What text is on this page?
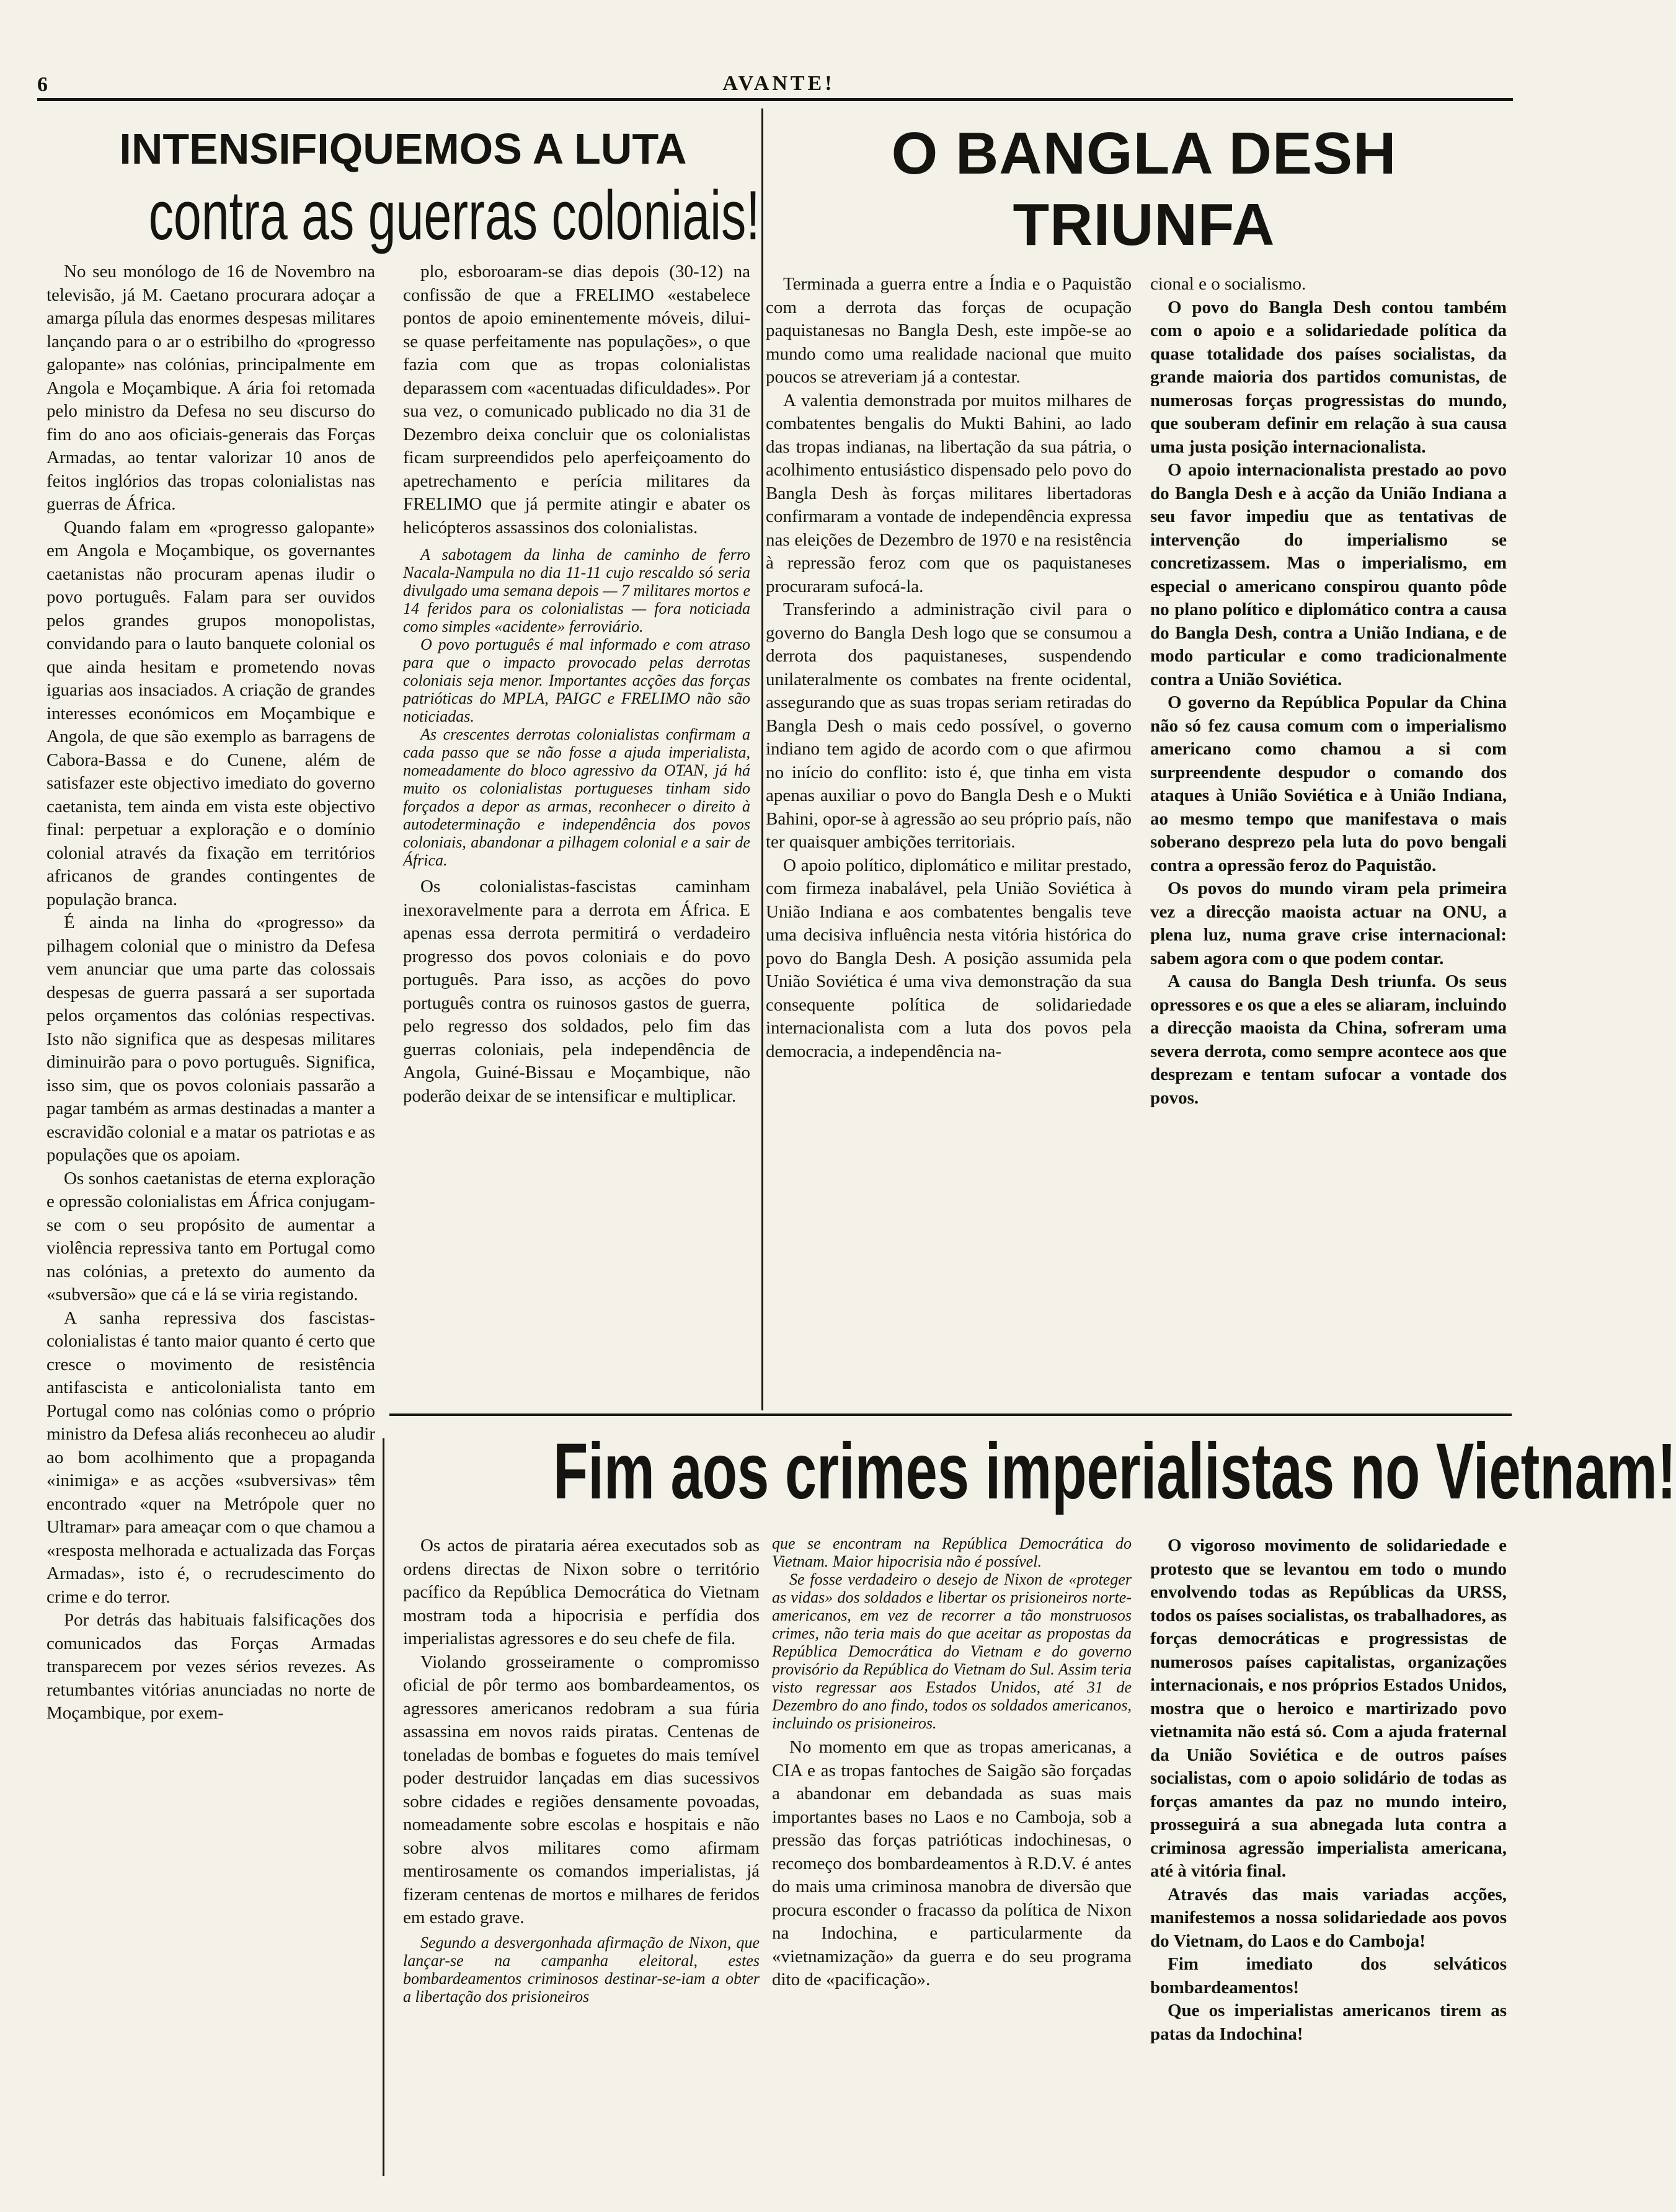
6	AVANTE!
INTENSIFIQUEMOS A LUTA
contra as guerras coloniais!

No seu monólogo de 16 de Novembro na televisão, já M. Caetano procurara adoçar a amarga pílula das enormes despesas militares lançando para o ar o estribilho do «progresso galopante» nas colónias, principalmente em Angola e Moçambique. A ária foi retomada pelo ministro da Defesa no seu discurso do fim do ano aos oficiais-generais das Forças Armadas, ao tentar valorizar 10 anos de feitos inglórios das tropas colonialistas nas guerras de África.

Quando falam em «progresso galopante» em Angola e Moçambique, os governantes caetanistas não procuram apenas iludir o povo português. Falam para ser ouvidos pelos grandes grupos monopolistas, convidando para o lauto banquete colonial os que ainda hesitam e prometendo novas iguarias aos insaciados. A criação de grandes interesses económicos em Moçambique e Angola, de que são exemplo as barragens de Cabora-Bassa e do Cunene, além de satisfazer este objectivo imediato do governo caetanista, tem ainda em vista este objectivo final: perpetuar a exploração e o domínio colonial através da fixação em territórios africanos de grandes contingentes de população branca.

É ainda na linha do «progresso» da pilhagem colonial que o ministro da Defesa vem anunciar que uma parte das colossais despesas de guerra passará a ser suportada pelos orçamentos das colónias respectivas. Isto não significa que as despesas militares diminuirão para o povo português. Significa, isso sim, que os povos coloniais passarão a pagar também as armas destinadas a manter a escravidão colonial e a matar os patriotas e as populações que os apoiam.

Os sonhos caetanistas de eterna exploração e opressão colonialistas em África conjugam-se com o seu propósito de aumentar a violência repressiva tanto em Portugal como nas colónias, a pretexto do aumento da «subversão» que cá e lá se viria registando.

A sanha repressiva dos fascistas-colonialistas é tanto maior quanto é certo que cresce o movimento de resistência antifascista e anticolonialista tanto em Portugal como nas colónias como o próprio ministro da Defesa aliás reconheceu ao aludir ao bom acolhimento que a propaganda «inimiga» e as acções «subversivas» têm encontrado «quer na Metrópole quer no Ultramar» para ameaçar com o que chamou a «resposta melhorada e actualizada das Forças Armadas», isto é, o recrudescimento do crime e do terror.

Por detrás das habituais falsificações dos comunicados das Forças Armadas transparecem por vezes sérios revezes. As retumbantes vitórias anunciadas no norte de Moçambique, por exem-

plo, esboroaram-se dias depois (30-12) na confissão de que a FRELIMO «estabelece pontos de apoio eminentemente móveis, dilui-se quase perfeitamente nas populações», o que fazia com que as tropas colonialistas deparassem com «acentuadas dificuldades». Por sua vez, o comunicado publicado no dia 31 de Dezembro deixa concluir que os colonialistas ficam surpreendidos pelo aperfeiçoamento do apetrechamento e perícia militares da FRELIMO que já permite atingir e abater os helicópteros assassinos dos colonialistas.

A sabotagem da linha de caminho de ferro Nacala-Nampula no dia 11-11 cujo rescaldo só seria divulgado uma semana depois — 7 militares mortos e 14 feridos para os colonialistas — fora noticiada como simples «acidente» ferroviário.

O povo português é mal informado e com atraso para que o impacto provocado pelas derrotas coloniais seja menor. Importantes acções das forças patrióticas do MPLA, PAIGC e FRELIMO não são noticiadas.

As crescentes derrotas colonialistas confirmam a cada passo que se não fosse a ajuda imperialista, nomeadamente do bloco agressivo da OTAN, já há muito os colonialistas portugueses tinham sido forçados a depor as armas, reconhecer o direito à autodeterminação e independência dos povos coloniais, abandonar a pilhagem colonial e a sair de África.

Os colonialistas-fascistas caminham inexoravelmente para a derrota em África. E apenas essa derrota permitirá o verdadeiro progresso dos povos coloniais e do povo português. Para isso, as acções do povo português contra os ruinosos gastos de guerra, pelo regresso dos soldados, pelo fim das guerras coloniais, pela independência de Angola, Guiné-Bissau e Moçambique, não poderão deixar de se intensificar e multiplicar.

O BANGLA DESH
TRIUNFA

Terminada a guerra entre a Índia e o Paquistão com a derrota das forças de ocupação paquistanesas no Bangla Desh, este impõe-se ao mundo como uma realidade nacional que muito poucos se atreveriam já a contestar.

A valentia demonstrada por muitos milhares de combatentes bengalis do Mukti Bahini, ao lado das tropas indianas, na libertação da sua pátria, o acolhimento entusiástico dispensado pelo povo do Bangla Desh às forças militares libertadoras confirmaram a vontade de independência expressa nas eleições de Dezembro de 1970 e na resistência à repressão feroz com que os paquistaneses procuraram sufocá-la.

Transferindo a administração civil para o governo do Bangla Desh logo que se consumou a derrota dos paquistaneses, suspendendo unilateralmente os combates na frente ocidental, assegurando que as suas tropas seriam retiradas do Bangla Desh o mais cedo possível, o governo indiano tem agido de acordo com o que afirmou no início do conflito: isto é, que tinha em vista apenas auxiliar o povo do Bangla Desh e o Mukti Bahini, opor-se à agressão ao seu próprio país, não ter quaisquer ambições territoriais.

O apoio político, diplomático e militar prestado, com firmeza inabalável, pela União Soviética à União Indiana e aos combatentes bengalis teve uma decisiva influência nesta vitória histórica do povo do Bangla Desh. A posição assumida pela União Soviética é uma viva demonstração da sua consequente política de solidariedade internacionalista com a luta dos povos pela democracia, a independência na-

cional e o socialismo.

O povo do Bangla Desh contou também com o apoio e a solidariedade política da quase totalidade dos países socialistas, da grande maioria dos partidos comunistas, de numerosas forças progressistas do mundo, que souberam definir em relação à sua causa uma justa posição internacionalista.

O apoio internacionalista prestado ao povo do Bangla Desh e à acção da União Indiana a seu favor impediu que as tentativas de intervenção do imperialismo se concretizassem. Mas o imperialismo, em especial o americano conspirou quanto pôde no plano político e diplomático contra a causa do Bangla Desh, contra a União Indiana, e de modo particular e como tradicionalmente contra a União Soviética.

O governo da República Popular da China não só fez causa comum com o imperialismo americano como chamou a si com surpreendente despudor o comando dos ataques à União Soviética e à União Indiana, ao mesmo tempo que manifestava o mais soberano desprezo pela luta do povo bengali contra a opressão feroz do Paquistão.

Os povos do mundo viram pela primeira vez a direcção maoista actuar na ONU, a plena luz, numa grave crise internacional: sabem agora com o que podem contar.

A causa do Bangla Desh triunfa. Os seus opressores e os que a eles se aliaram, incluindo a direcção maoista da China, sofreram uma severa derrota, como sempre acontece aos que desprezam e tentam sufocar a vontade dos povos.

Fim aos crimes imperialistas no Vietnam!

Os actos de pirataria aérea executados sob as ordens directas de Nixon sobre o território pacífico da República Democrática do Vietnam mostram toda a hipocrisia e perfídia dos imperialistas agressores e do seu chefe de fila.

Violando grosseiramente o compromisso oficial de pôr termo aos bombardeamentos, os agressores americanos redobram a sua fúria assassina em novos raids piratas. Centenas de toneladas de bombas e foguetes do mais temível poder destruidor lançadas em dias sucessivos sobre cidades e regiões densamente povoadas, nomeadamente sobre escolas e hospitais e não sobre alvos militares como afirmam mentirosamente os comandos imperialistas, já fizeram centenas de mortos e milhares de feridos em estado grave.

Segundo a desvergonhada afirmação de Nixon, que lançar-se na campanha eleitoral, estes bombardeamentos criminosos destinar-se-iam a obter a libertação dos prisioneiros

que se encontram na República Democrática do Vietnam. Maior hipocrisia não é possível.

Se fosse verdadeiro o desejo de Nixon de «proteger as vidas» dos soldados e libertar os prisioneiros norte-americanos, em vez de recorrer a tão monstruosos crimes, não teria mais do que aceitar as propostas da República Democrática do Vietnam e do governo provisório da República do Vietnam do Sul. Assim teria visto regressar aos Estados Unidos, até 31 de Dezembro do ano findo, todos os soldados americanos, incluindo os prisioneiros.

No momento em que as tropas americanas, a CIA e as tropas fantoches de Saigão são forçadas a abandonar em debandada as suas mais importantes bases no Laos e no Camboja, sob a pressão das forças patrióticas indochinesas, o recomeço dos bombardeamentos à R.D.V. é antes do mais uma criminosa manobra de diversão que procura esconder o fracasso da política de Nixon na Indochina, e particularmente da «vietnamização» da guerra e do seu programa dito de «pacificação».

O vigoroso movimento de solidariedade e protesto que se levantou em todo o mundo envolvendo todas as Repúblicas da URSS, todos os países socialistas, os trabalhadores, as forças democráticas e progressistas de numerosos países capitalistas, organizações internacionais, e nos próprios Estados Unidos, mostra que o heroico e martirizado povo vietnamita não está só. Com a ajuda fraternal da União Soviética e de outros países socialistas, com o apoio solidário de todas as forças amantes da paz no mundo inteiro, prosseguirá a sua abnegada luta contra a criminosa agressão imperialista americana, até à vitória final.

Através das mais variadas acções, manifestemos a nossa solidariedade aos povos do Vietnam, do Laos e do Camboja!

Fim imediato dos selváticos bombardeamentos!

Que os imperialistas americanos tirem as patas da Indochina!
